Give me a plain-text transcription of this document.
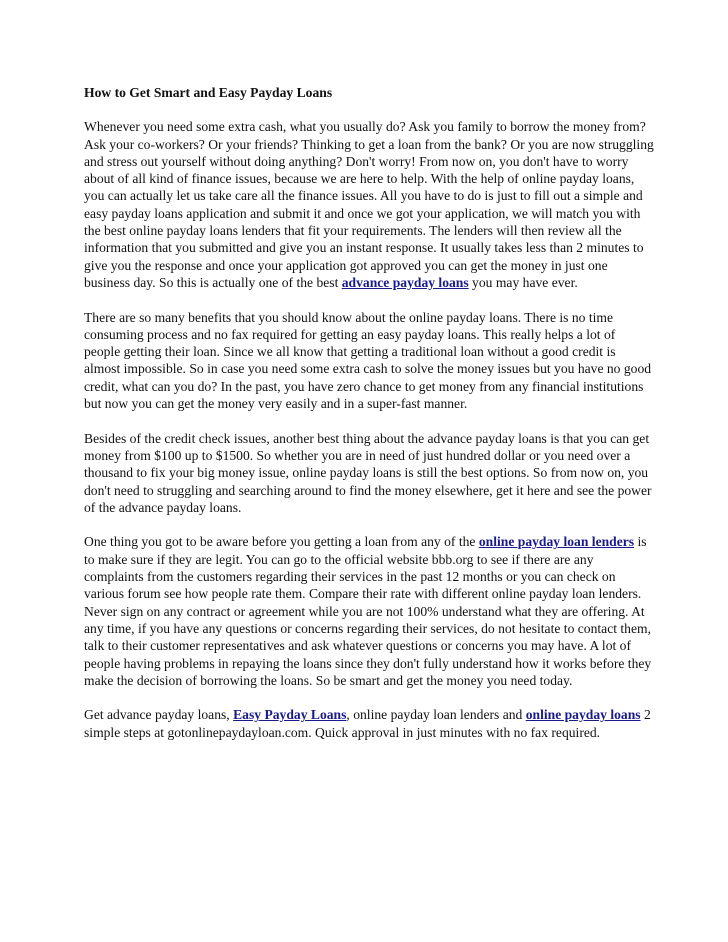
How to Get Smart and Easy Payday Loans

Whenever you need some extra cash, what you usually do? Ask you family to borrow the money from? Ask your co-workers? Or your friends? Thinking to get a loan from the bank? Or you are now struggling and stress out yourself without doing anything? Don't worry! From now on, you don't have to worry about of all kind of finance issues, because we are here to help. With the help of online payday loans, you can actually let us take care all the finance issues. All you have to do is just to fill out a simple and easy payday loans application and submit it and once we got your application, we will match you with the best online payday loans lenders that fit your requirements. The lenders will then review all the information that you submitted and give you an instant response. It usually takes less than 2 minutes to give you the response and once your application got approved you can get the money in just one business day. So this is actually one of the best advance payday loans you may have ever.

There are so many benefits that you should know about the online payday loans. There is no time consuming process and no fax required for getting an easy payday loans. This really helps a lot of people getting their loan. Since we all know that getting a traditional loan without a good credit is almost impossible. So in case you need some extra cash to solve the money issues but you have no good credit, what can you do? In the past, you have zero chance to get money from any financial institutions but now you can get the money very easily and in a super-fast manner.

Besides of the credit check issues, another best thing about the advance payday loans is that you can get money from $100 up to $1500. So whether you are in need of just hundred dollar or you need over a thousand to fix your big money issue, online payday loans is still the best options. So from now on, you don't need to struggling and searching around to find the money elsewhere, get it here and see the power of the advance payday loans.

One thing you got to be aware before you getting a loan from any of the online payday loan lenders is to make sure if they are legit. You can go to the official website bbb.org to see if there are any complaints from the customers regarding their services in the past 12 months or you can check on various forum see how people rate them. Compare their rate with different online payday loan lenders. Never sign on any contract or agreement while you are not 100% understand what they are offering. At any time, if you have any questions or concerns regarding their services, do not hesitate to contact them, talk to their customer representatives and ask whatever questions or concerns you may have. A lot of people having problems in repaying the loans since they don't fully understand how it works before they make the decision of borrowing the loans. So be smart and get the money you need today.

Get advance payday loans, Easy Payday Loans, online payday loan lenders and online payday loans 2 simple steps at gotonlinepaydayloan.com. Quick approval in just minutes with no fax required.
